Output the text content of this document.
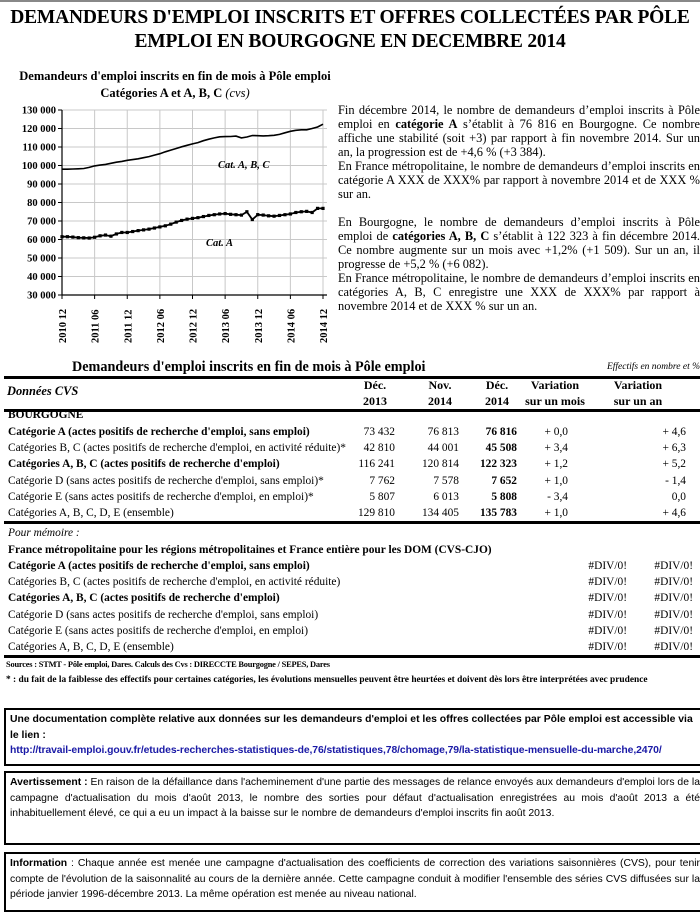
DEMANDEURS D'EMPLOI INSCRITS ET OFFRES COLLECTÉES PAR PÔLE
EMPLOI EN BOURGOGNE EN DECEMBRE 2014
Demandeurs d'emploi inscrits en fin de mois à Pôle emploi
Catégories A et A, B, C (cvs)
30 000
40 000
50 000
60 000
70 000
80 000
90 000
100 000
110 000
120 000
130 000
2010 12 2011 06 2011 12 2012 06 2012 12 2013 06 2013 12 2014 06 2014 12
Cat. A, B, C
Cat. A

Fin décembre 2014, le nombre de demandeurs d’emploi inscrits à Pôle emploi en catégorie A s’établit à 76 816 en Bourgogne. Ce nombre affiche une stabilité (soit +3) par rapport à fin novembre 2014. Sur un an, la progression est de +4,6 % (+3 384).

En France métropolitaine, le nombre de demandeurs d’emploi inscrits en catégorie A XXX de XXX% par rapport à novembre 2014 et de XXX % sur an.

En Bourgogne, le nombre de demandeurs d’emploi inscrits à Pôle emploi de catégories A, B, C s’établit à 122 323 à fin décembre 2014. Ce nombre augmente sur un mois avec +1,2% (+1 509). Sur un an, il progresse de +5,2 % (+6 082).

En France métropolitaine, le nombre de demandeurs d’emploi inscrits en catégories A, B, C enregistre une XXX de XXX% par rapport à novembre 2014 et de XXX % sur un an.

Demandeurs d'emploi inscrits en fin de mois à Pôle emploi	Effectifs en nombre et %
Données CVS	Déc.
2013
Nov.
2014
Déc.
2014
Variation
sur un mois
Variation
sur un an
BOURGOGNE
Catégorie A (actes positifs de recherche d'emploi, sans emploi)	73 432	76 813	76 816	+ 0,0	+ 4,6
Catégories B, C (actes positifs de recherche d'emploi, en activité réduite)*	42 810	44 001	45 508	+ 3,4	+ 6,3
Catégories A, B, C (actes positifs de recherche d'emploi)	116 241	120 814	122 323	+ 1,2	+ 5,2
Catégorie D (sans actes positifs de recherche d'emploi, sans emploi)*	7 762	7 578	7 652	+ 1,0	- 1,4
Catégorie E (sans actes positifs de recherche d'emploi, en emploi)*	5 807	6 013	5 808	- 3,4	0,0
Catégories A, B, C, D, E (ensemble)	129 810	134 405	135 783	+ 1,0	+ 4,6
Pour mémoire :
France métropolitaine pour les régions métropolitaines et France entière pour les DOM (CVS-CJO)
Catégorie A (actes positifs de recherche d'emploi, sans emploi)	#DIV/0!	#DIV/0!
Catégories B, C (actes positifs de recherche d'emploi, en activité réduite)	#DIV/0!	#DIV/0!
Catégories A, B, C (actes positifs de recherche d'emploi)	#DIV/0!	#DIV/0!
Catégorie D (sans actes positifs de recherche d'emploi, sans emploi)	#DIV/0!	#DIV/0!
Catégorie E (sans actes positifs de recherche d'emploi, en emploi)	#DIV/0!	#DIV/0!
Catégories A, B, C, D, E (ensemble)	#DIV/0!	#DIV/0!
Sources : STMT - Pôle emploi, Dares. Calculs des Cvs : DIRECCTE Bourgogne / SEPES, Dares
* : du fait de la faiblesse des effectifs pour certaines catégories, les évolutions mensuelles peuvent être heurtées et doivent dès lors être interprétées avec prudence
Une documentation complète relative aux données sur les demandeurs d'emploi et les offres collectées par Pôle emploi est accessible via le lien :
http://travail-emploi.gouv.fr/etudes-recherches-statistiques-de,76/statistiques,78/chomage,79/la-statistique-mensuelle-du-marche,2470/
Avertissement : En raison de la défaillance dans l'acheminement d'une partie des messages de relance envoyés aux demandeurs d'emploi lors de la campagne d'actualisation du mois d'août 2013, le nombre des sorties pour défaut d'actualisation enregistrées au mois d'août 2013 a été inhabituellement élevé, ce qui a eu un impact à la baisse sur le nombre de demandeurs d'emploi inscrits fin août 2013.
Information : Chaque année est menée une campagne d'actualisation des coefficients de correction des variations saisonnières (CVS), pour tenir compte de l'évolution de la saisonnalité au cours de la dernière année. Cette campagne conduit à modifier l'ensemble des séries CVS diffusées sur la période janvier 1996-décembre 2013. La même opération est menée au niveau national.
